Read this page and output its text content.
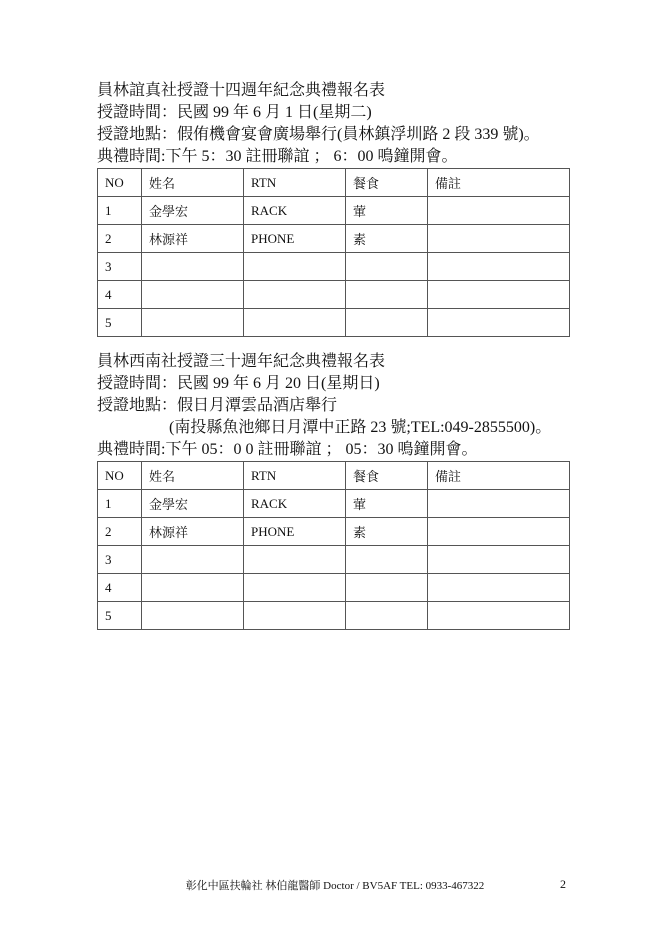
員林誼真社授證十四週年紀念典禮報名表
授證時間：民國 99 年 6 月 1 日(星期二)
授證地點：假侑機會宴會廣場舉行(員林鎮浮圳路 2 段 339 號)。
典禮時間:下午 5：30 註冊聯誼 ； 6：00 鳴鐘開會。
NO	姓名	RTN	餐食	備註
1	金學宏	RACK	葷	
2	林源祥	PHONE	素	
3				
4				
5				
員林西南社授證三十週年紀念典禮報名表
授證時間：民國 99 年 6 月 20 日(星期日)
授證地點：假日月潭雲品酒店舉行
(南投縣魚池鄉日月潭中正路 23 號;TEL:049-2855500)。
典禮時間:下午 05：0 0 註冊聯誼 ； 05：30 鳴鐘開會。
NO	姓名	RTN	餐食	備註
1	金學宏	RACK	葷	
2	林源祥	PHONE	素	
3				
4				
5				
彰化中區扶輪社 林伯龍醫師 Doctor / BV5AF TEL: 0933-467322	2
